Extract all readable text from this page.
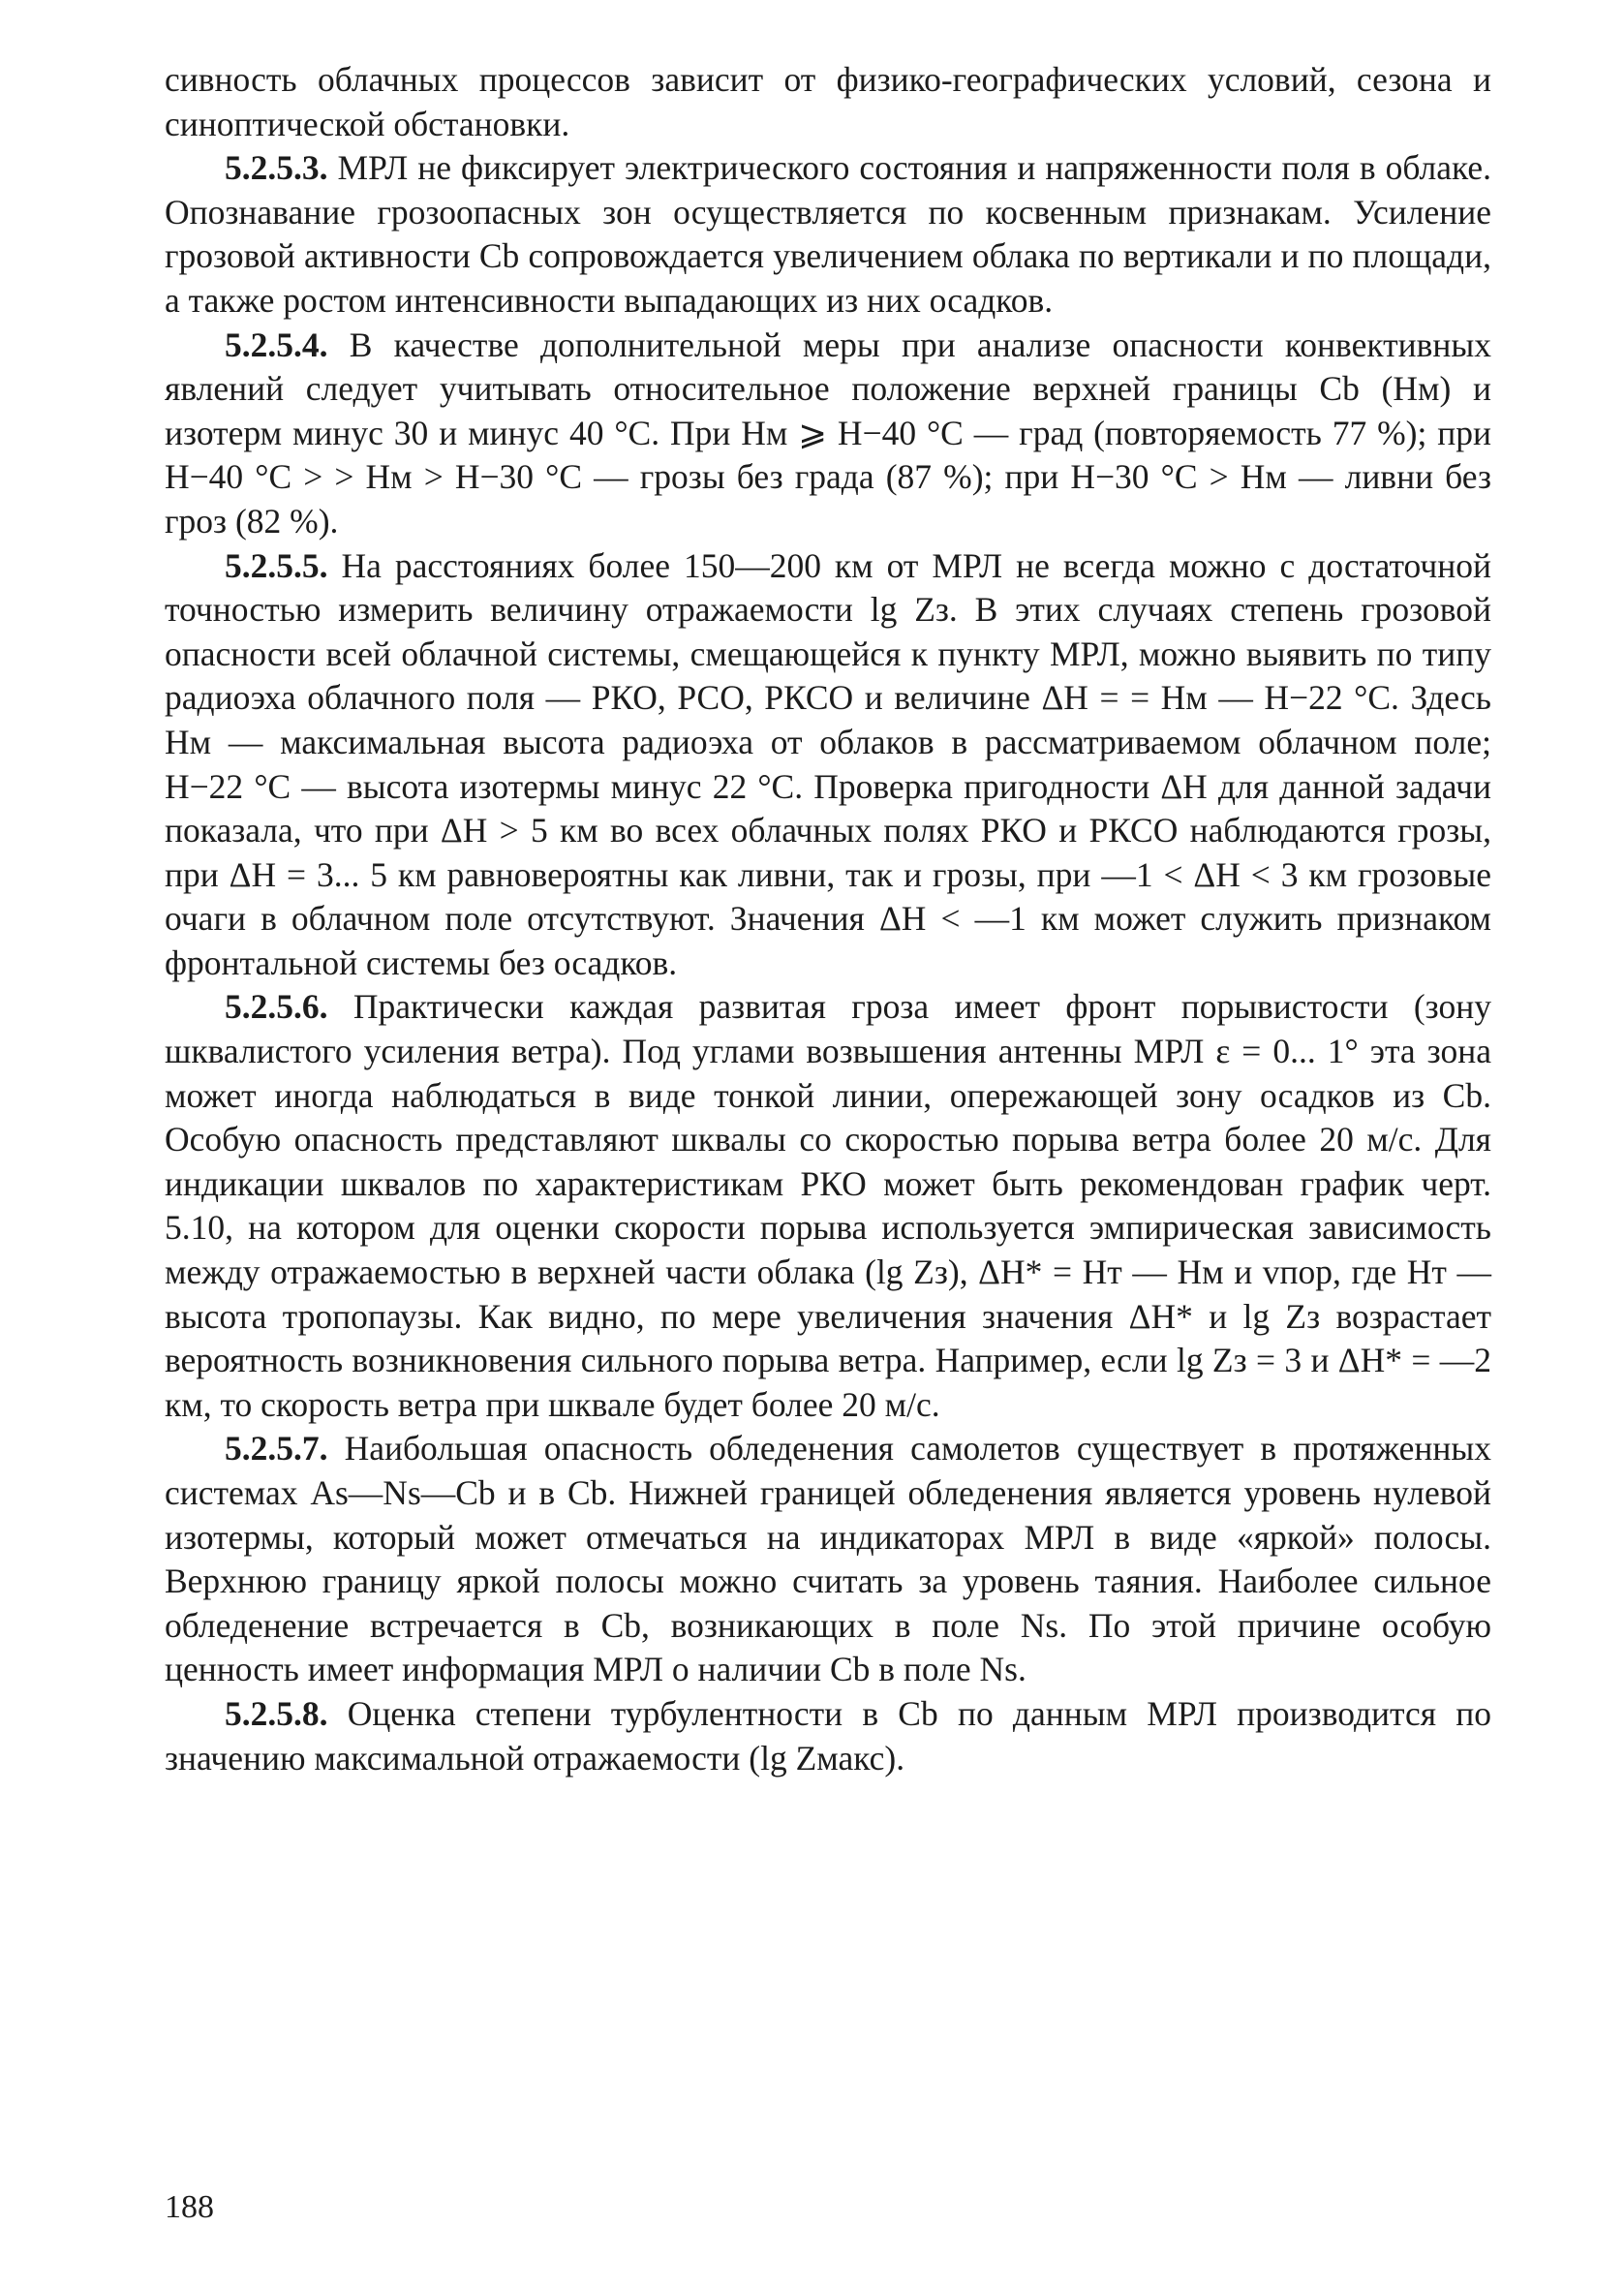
сивность облачных процессов зависит от физико-географических условий, сезона и синоптической обстановки.

5.2.5.3. МРЛ не фиксирует электрического состояния и напряженности поля в облаке. Опознавание грозоопасных зон осуществляется по косвенным признакам. Усиление грозовой активности Cb сопровождается увеличением облака по вертикали и по площади, а также ростом интенсивности выпадающих из них осадков.

5.2.5.4. В качестве дополнительной меры при анализе опасности конвективных явлений следует учитывать относительное положение верхней границы Cb (Hм) и изотерм минус 30 и минус 40 °С. При Hм ⩾ H−40 °С — град (повторяемость 77 %); при H−40 °С > > Hм > H−30 °С — грозы без града (87 %); при H−30 °С > Hм — ливни без гроз (82 %).

5.2.5.5. На расстояниях более 150—200 км от МРЛ не всегда можно с достаточной точностью измерить величину отражаемости lg Zз. В этих случаях степень грозовой опасности всей облачной системы, смещающейся к пункту МРЛ, можно выявить по типу радиоэха облачного поля — РКО, РСО, РКСО и величине ΔH = = Hм — H−22 °С. Здесь Hм — максимальная высота радиоэха от облаков в рассматриваемом облачном поле; H−22 °С — высота изотермы минус 22 °С. Проверка пригодности ΔH для данной задачи показала, что при ΔH > 5 км во всех облачных полях РКО и РКСО наблюдаются грозы, при ΔH = 3... 5 км равновероятны как ливни, так и грозы, при —1 < ΔH < 3 км грозовые очаги в облачном поле отсутствуют. Значения ΔH < —1 км может служить признаком фронтальной системы без осадков.

5.2.5.6. Практически каждая развитая гроза имеет фронт порывистости (зону шквалистого усиления ветра). Под углами возвышения антенны МРЛ ε = 0... 1° эта зона может иногда наблюдаться в виде тонкой линии, опережающей зону осадков из Cb. Особую опасность представляют шквалы со скоростью порыва ветра более 20 м/с. Для индикации шквалов по характеристикам РКО может быть рекомендован график черт. 5.10, на котором для оценки скорости порыва используется эмпирическая зависимость между отражаемостью в верхней части облака (lg Zз), ΔH* = Hт — Hм и vпор, где Hт — высота тропопаузы. Как видно, по мере увеличения значения ΔH* и lg Zз возрастает вероятность возникновения сильного порыва ветра. Например, если lg Zз = 3 и ΔH* = —2 км, то скорость ветра при шквале будет более 20 м/с.

5.2.5.7. Наибольшая опасность обледенения самолетов существует в протяженных системах As—Ns—Cb и в Cb. Нижней границей обледенения является уровень нулевой изотермы, который может отмечаться на индикаторах МРЛ в виде «яркой» полосы. Верхнюю границу яркой полосы можно считать за уровень таяния. Наиболее сильное обледенение встречается в Cb, возникающих в поле Ns. По этой причине особую ценность имеет информация МРЛ о наличии Cb в поле Ns.

5.2.5.8. Оценка степени турбулентности в Cb по данным МРЛ производится по значению максимальной отражаемости (lg Zмакс).

188
